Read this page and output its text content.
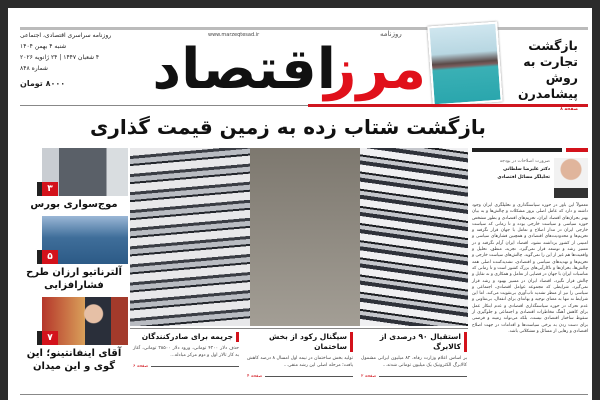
روزنامه سراسری اقتصادی، اجتماعی
شنبه ۴ بهمن ۱۴۰۴
۴ شعبان ۱۴۴۷ | ۲۴ ژانویه ۲۰۲۶
شماره ۸۴۸
۸۰۰۰ تومان
www.marzeqtesad.ir
اقتصاد
مرز
روزنامه
بازگشت تجارت به روش پیشامدرن
صفحه ۸
بازگشت شتاب زده به زمین قیمت گذاری
۳
موج‌سواری بورس
۵
آلترناتیو ارزان طرح فشارافزایی
۷
آقای اینفانتینو؛ این گوی و این میدان
ضرورت اصلاحات در بودجه
دکتر علیرضا سلطانی
تحلیلگر مسائل اقتصادی
معمولاً این باور در حوزه سیاستگذاری و تحلیلگری ایران وجود داشته و دارد که عامل اصلی بروز مشکلات و چالش‌ها و به بیان بهتر بحران‌های اقتصاد ایران، تحریم‌های اقتصادی و بطور مشخص حوزه سیاسی و سیاست خارجی بوده و تا زمانی که سیاست خارجی ایران در مدار اصلاح و تعامل با جهان قرار نگرفته و تحریم‌ها و محدودیت‌های اقتصادی و همچنین فشارهای سیاسی و امنیتی از کشور برداشته نشود، اقتصاد ایران آرام نگرفته و در مسیر رشد و توسعه قرار نمی‌گیرد. تجربه، منطق، تحلیل و واقعیت‌ها هم غیر از این را نمی‌گوید. چالش‌های سیاست خارجی و تحریم‌ها و تهدیدهای سیاسی و اقتصادی، تشدیدکننده اصلی همه چالش‌ها، بحران‌ها و ناکارآیی‌های بزرگ کشور است و تا زمانی که مناسبات ایران با جهان در فضایی از تعامل و همکاری و نه تقابل و چالش قرار نگیرد، اقتصاد ایران در مسیر بهبود و رشد قرار نمی‌گیرد. شرایطی که مجموعه عوامل اقتصادی، اجتماعی و سیاسی را نیز از منظر تشدید تاب‌آوری بی‌تقویت می‌کند. اما این شرایط نه تنها به معنای توجیه و بهانه‌ای برای انفعال، بی‌تفاوتی و عدم تحرک در حوزه سیاستگذاری اقتصادی و عدم ابتکار عمل برای کاهش آهنگ مخاطرات اقتصادی و اجتماعی و جلوگیری از سقوط ساختار اقتصادی نیست، بلکه می‌تواند زمینه و فرصتی برای دست زدن به برخی سیاست‌ها و اقدامات در جهت اصلاح اقتصادی و رهایی از مسائل و مشکلاتی باشد.
استقبال ۹۰ درصدی از کالابرگ
بر اساس اعلام وزارت رفاه، ۸۲ میلیون ایرانی مشمول کالابرگ الکترونیک یک میلیون تومانی شدند...
صفحه ۲
سیگنال رکود از بخش ساختمان
تولید بخش ساختمان در نیمه اول امسال ۸ درصد کاهش یافت؛ مرحله اصلی این رشد منفی...
صفحه ۴
جریمه برای صادرکنندگان
حذف دلار ۴۲۰۰ تومانی، ورود دلار ۲۸۵۰۰ تومانی، آغاز به کار تالار اول و دوم مرکز مبادله...
صفحه ۶
